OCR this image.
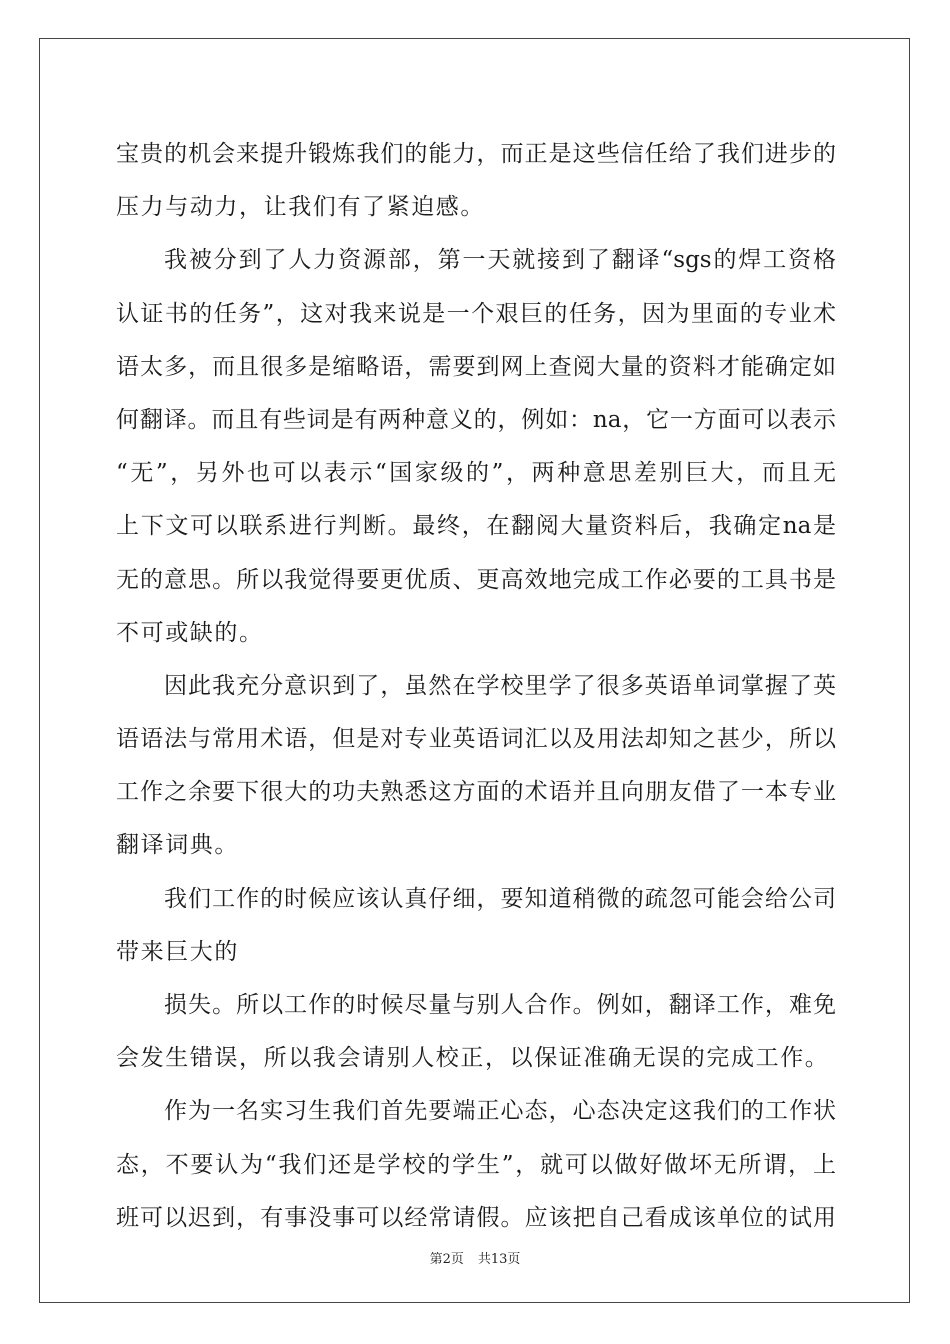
宝贵的机会来提升锻炼我们的能力，而正是这些信任给了我们进步的
压力与动力，让我们有了紧迫感。
我被分到了人力资源部，第一天就接到了翻译“sgs的焊工资格
认证书的任务”，这对我来说是一个艰巨的任务，因为里面的专业术
语太多，而且很多是缩略语，需要到网上查阅大量的资料才能确定如
何翻译。而且有些词是有两种意义的，例如：na，它一方面可以表示
“无”，另外也可以表示“国家级的”，两种意思差别巨大，而且无
上下文可以联系进行判断。最终，在翻阅大量资料后，我确定na是
无的意思。所以我觉得要更优质、更高效地完成工作必要的工具书是
不可或缺的。
因此我充分意识到了，虽然在学校里学了很多英语单词掌握了英
语语法与常用术语，但是对专业英语词汇以及用法却知之甚少，所以
工作之余要下很大的功夫熟悉这方面的术语并且向朋友借了一本专业
翻译词典。
我们工作的时候应该认真仔细，要知道稍微的疏忽可能会给公司
带来巨大的
损失。所以工作的时候尽量与别人合作。例如，翻译工作，难免
会发生错误，所以我会请别人校正，以保证准确无误的完成工作。
作为一名实习生我们首先要端正心态，心态决定这我们的工作状
态，不要认为“我们还是学校的学生”，就可以做好做坏无所谓，上
班可以迟到，有事没事可以经常请假。应该把自己看成该单位的试用
第2页 共13页
